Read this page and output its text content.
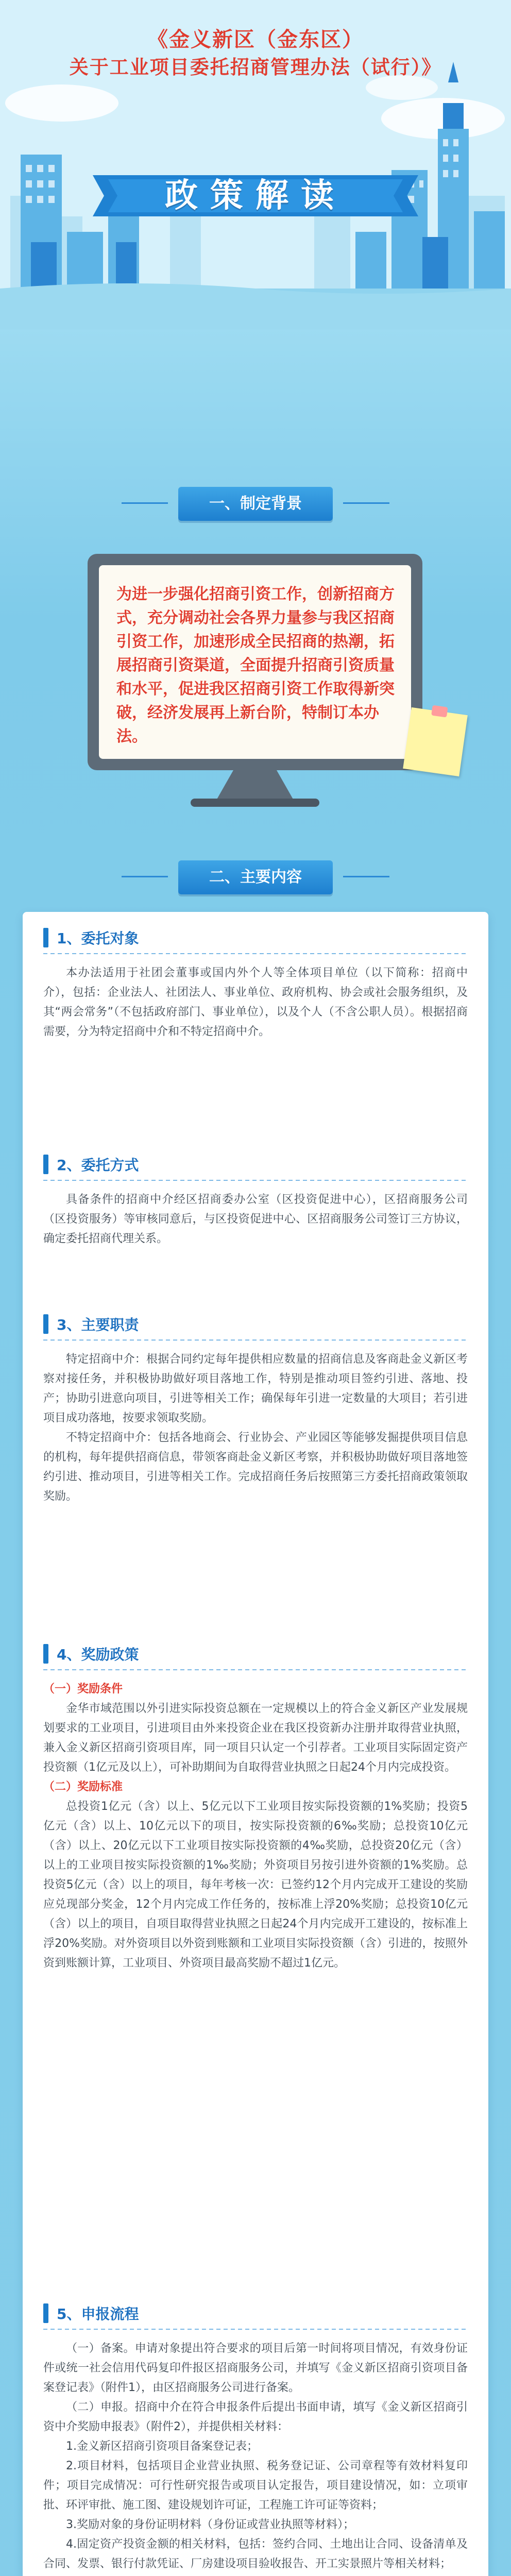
《金义新区（金东区）
关于工业项目委托招商管理办法（试行）》
政策解读
一、制定背景
为进一步强化招商引资工作，创新招商方式，充分调动社会各界力量参与我区招商引资工作，加速形成全民招商的热潮，拓展招商引资渠道，全面提升招商引资质量和水平，促进我区招商引资工作取得新突破，经济发展再上新台阶，特制订本办法。
二、主要内容
1、委托对象

本办法适用于社团会董事或国内外个人等全体项目单位（以下简称：招商中介），包括：企业法人、社团法人、事业单位、政府机构、协会或社会服务组织，及其“两会常务”（不包括政府部门、事业单位），以及个人（不含公职人员）。根据招商需要，分为特定招商中介和不特定招商中介。

2、委托方式

具备条件的招商中介经区招商委办公室（区投资促进中心），区招商服务公司（区投资服务）等审核同意后，与区投资促进中心、区招商服务公司签订三方协议，确定委托招商代理关系。

3、主要职责

特定招商中介：根据合同约定每年提供相应数量的招商信息及客商赴金义新区考察对接任务，并积极协助做好项目落地工作，特别是推动项目签约引进、落地、投产；协助引进意向项目，引进等相关工作；确保每年引进一定数量的大项目；若引进项目成功落地，按要求领取奖励。

不特定招商中介：包括各地商会、行业协会、产业园区等能够发掘提供项目信息的机构，每年提供招商信息，带领客商赴金义新区考察，并积极协助做好项目落地签约引进、推动项目，引进等相关工作。完成招商任务后按照第三方委托招商政策领取奖励。

4、奖励政策

（一）奖励条件

金华市域范围以外引进实际投资总额在一定规模以上的符合金义新区产业发展规划要求的工业项目，引进项目由外来投资企业在我区投资新办注册并取得营业执照，兼入金义新区招商引资项目库，同一项目只认定一个引荐者。工业项目实际固定资产投资额（1亿元及以上），可补助期间为自取得营业执照之日起24个月内完成投资。

（二）奖励标准

总投资1亿元（含）以上、5亿元以下工业项目按实际投资额的1%奖励；投资5亿元（含）以上、10亿元以下的项目，按实际投资额的6‰奖励；总投资10亿元（含）以上、20亿元以下工业项目按实际投资额的4‰奖励，总投资20亿元（含）以上的工业项目按实际投资额的1‰奖励；外资项目另按引进外资额的1%奖励。总投资5亿元（含）以上的项目，每年考核一次：已签约12个月内完成开工建设的奖励应兑现部分奖金，12个月内完成工作任务的，按标准上浮20%奖励；总投资10亿元（含）以上的项目，自项目取得营业执照之日起24个月内完成开工建设的，按标准上浮20%奖励。对外资项目以外资到账额和工业项目实际投资额（含）引进的，按照外资到账额计算，工业项目、外资项目最高奖励不超过1亿元。

5、申报流程

（一）备案。申请对象提出符合要求的项目后第一时间将项目情况，有效身份证件或统一社会信用代码复印件报区招商服务公司，并填写《金义新区招商引资项目备案登记表》（附件1），由区招商服务公司进行备案。

（二）申报。招商中介在符合申报条件后提出书面申请，填写《金义新区招商引资中介奖励申报表》（附件2），并提供相关材料：

1.金义新区招商引资项目备案登记表；

2.项目材料，包括项目企业营业执照、税务登记证、公司章程等有效材料复印件；项目完成情况：可行性研究报告或项目认定报告，项目建设情况，如：立项审批、环评审批、施工图、建设规划许可证，工程施工许可证等资料；

3.奖励对象的身份证明材料（身份证或营业执照等材料）；

4.固定资产投资金额的相关材料，包括：签约合同、土地出让合同、设备清单及合同、发票、银行付款凭证、厂房建设项目验收报告、开工实景照片等相关材料；
